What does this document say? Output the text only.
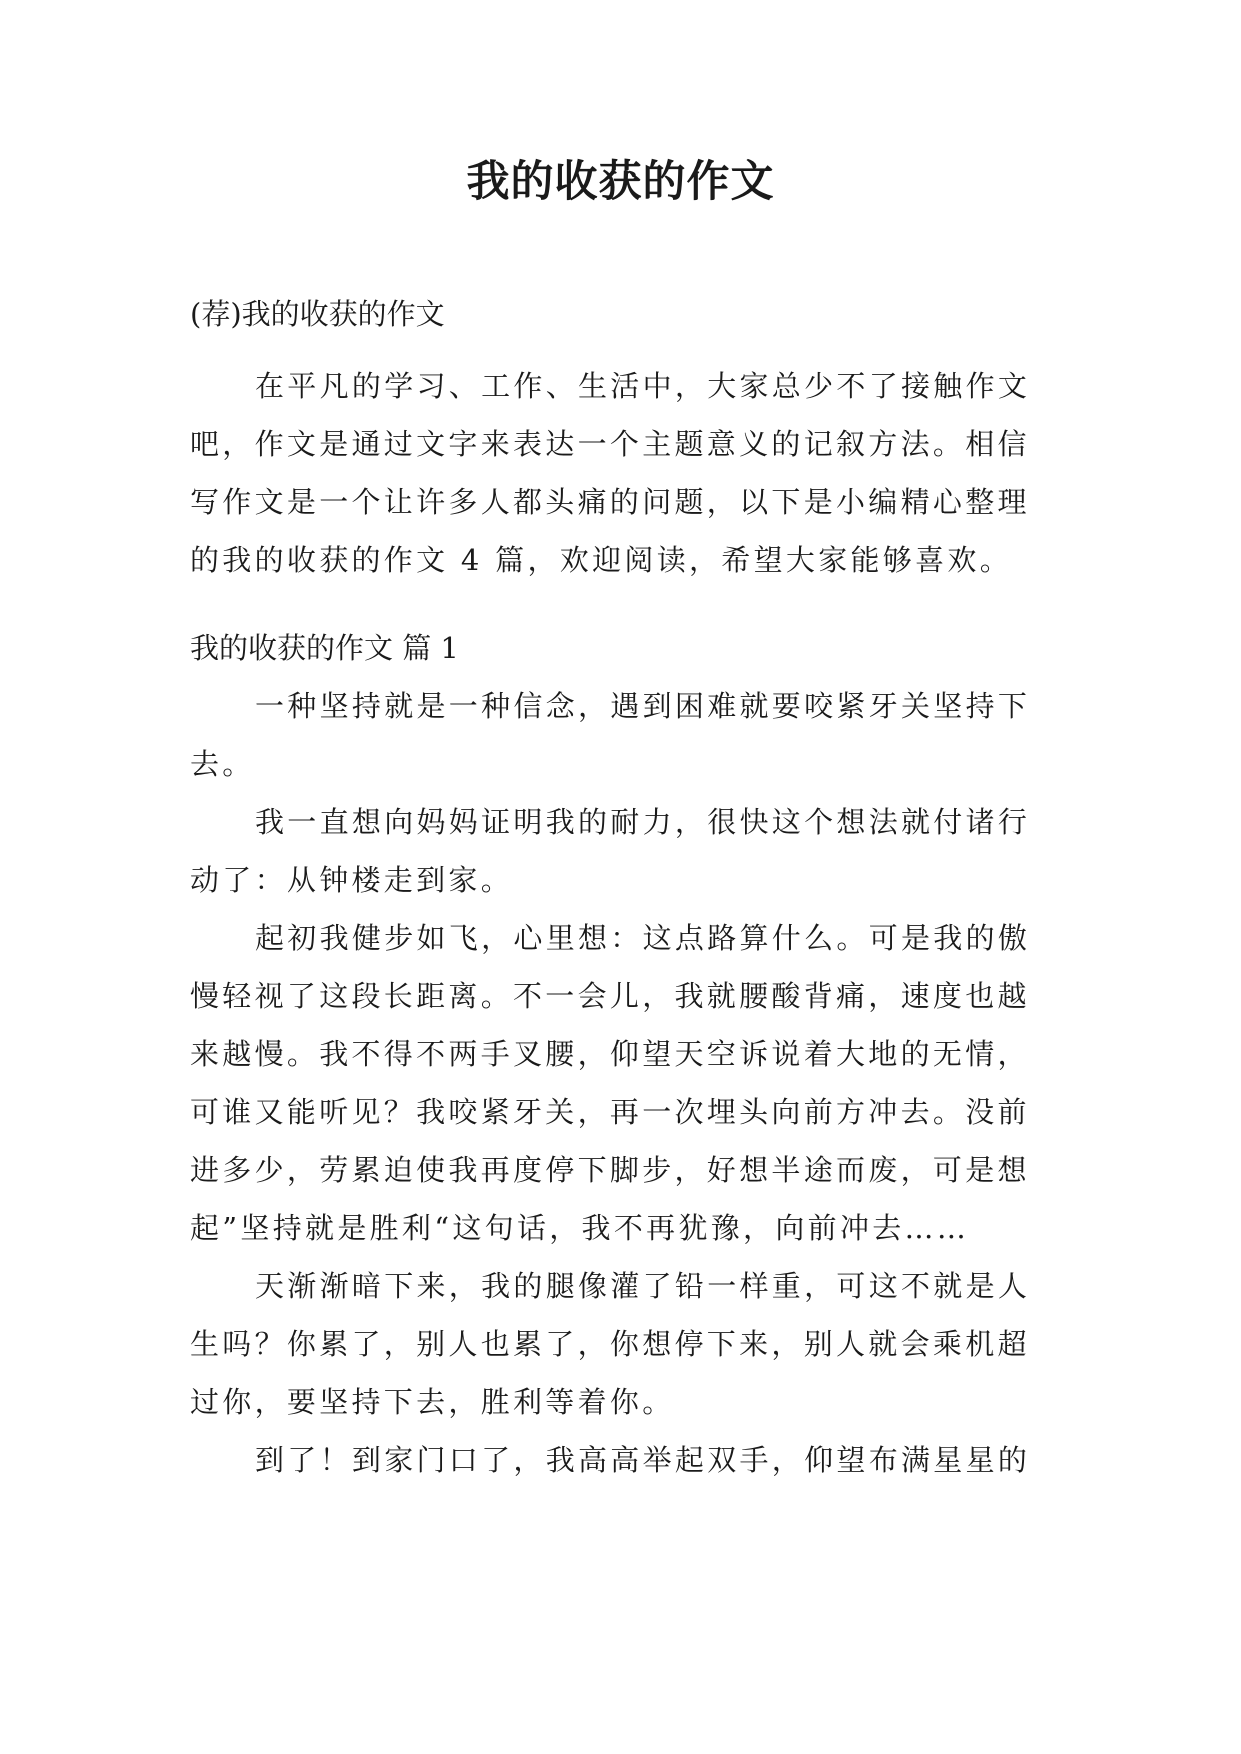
我的收获的作文

(荐)我的收获的作文

在平凡的学习、工作、生活中，大家总少不了接触作文

吧，作文是通过文字来表达一个主题意义的记叙方法。相信

写作文是一个让许多人都头痛的问题，以下是小编精心整理

的我的收获的作文 4 篇，欢迎阅读，希望大家能够喜欢。

我的收获的作文 篇 1

一种坚持就是一种信念，遇到困难就要咬紧牙关坚持下

去。

我一直想向妈妈证明我的耐力，很快这个想法就付诸行

动了：从钟楼走到家。

起初我健步如飞，心里想：这点路算什么。可是我的傲

慢轻视了这段长距离。不一会儿，我就腰酸背痛，速度也越

来越慢。我不得不两手叉腰，仰望天空诉说着大地的无情，

可谁又能听见？我咬紧牙关，再一次埋头向前方冲去。没前

进多少，劳累迫使我再度停下脚步，好想半途而废，可是想

起”坚持就是胜利“这句话，我不再犹豫，向前冲去……

天渐渐暗下来，我的腿像灌了铅一样重，可这不就是人

生吗？你累了，别人也累了，你想停下来，别人就会乘机超

过你，要坚持下去，胜利等着你。

到了！到家门口了，我高高举起双手，仰望布满星星的
